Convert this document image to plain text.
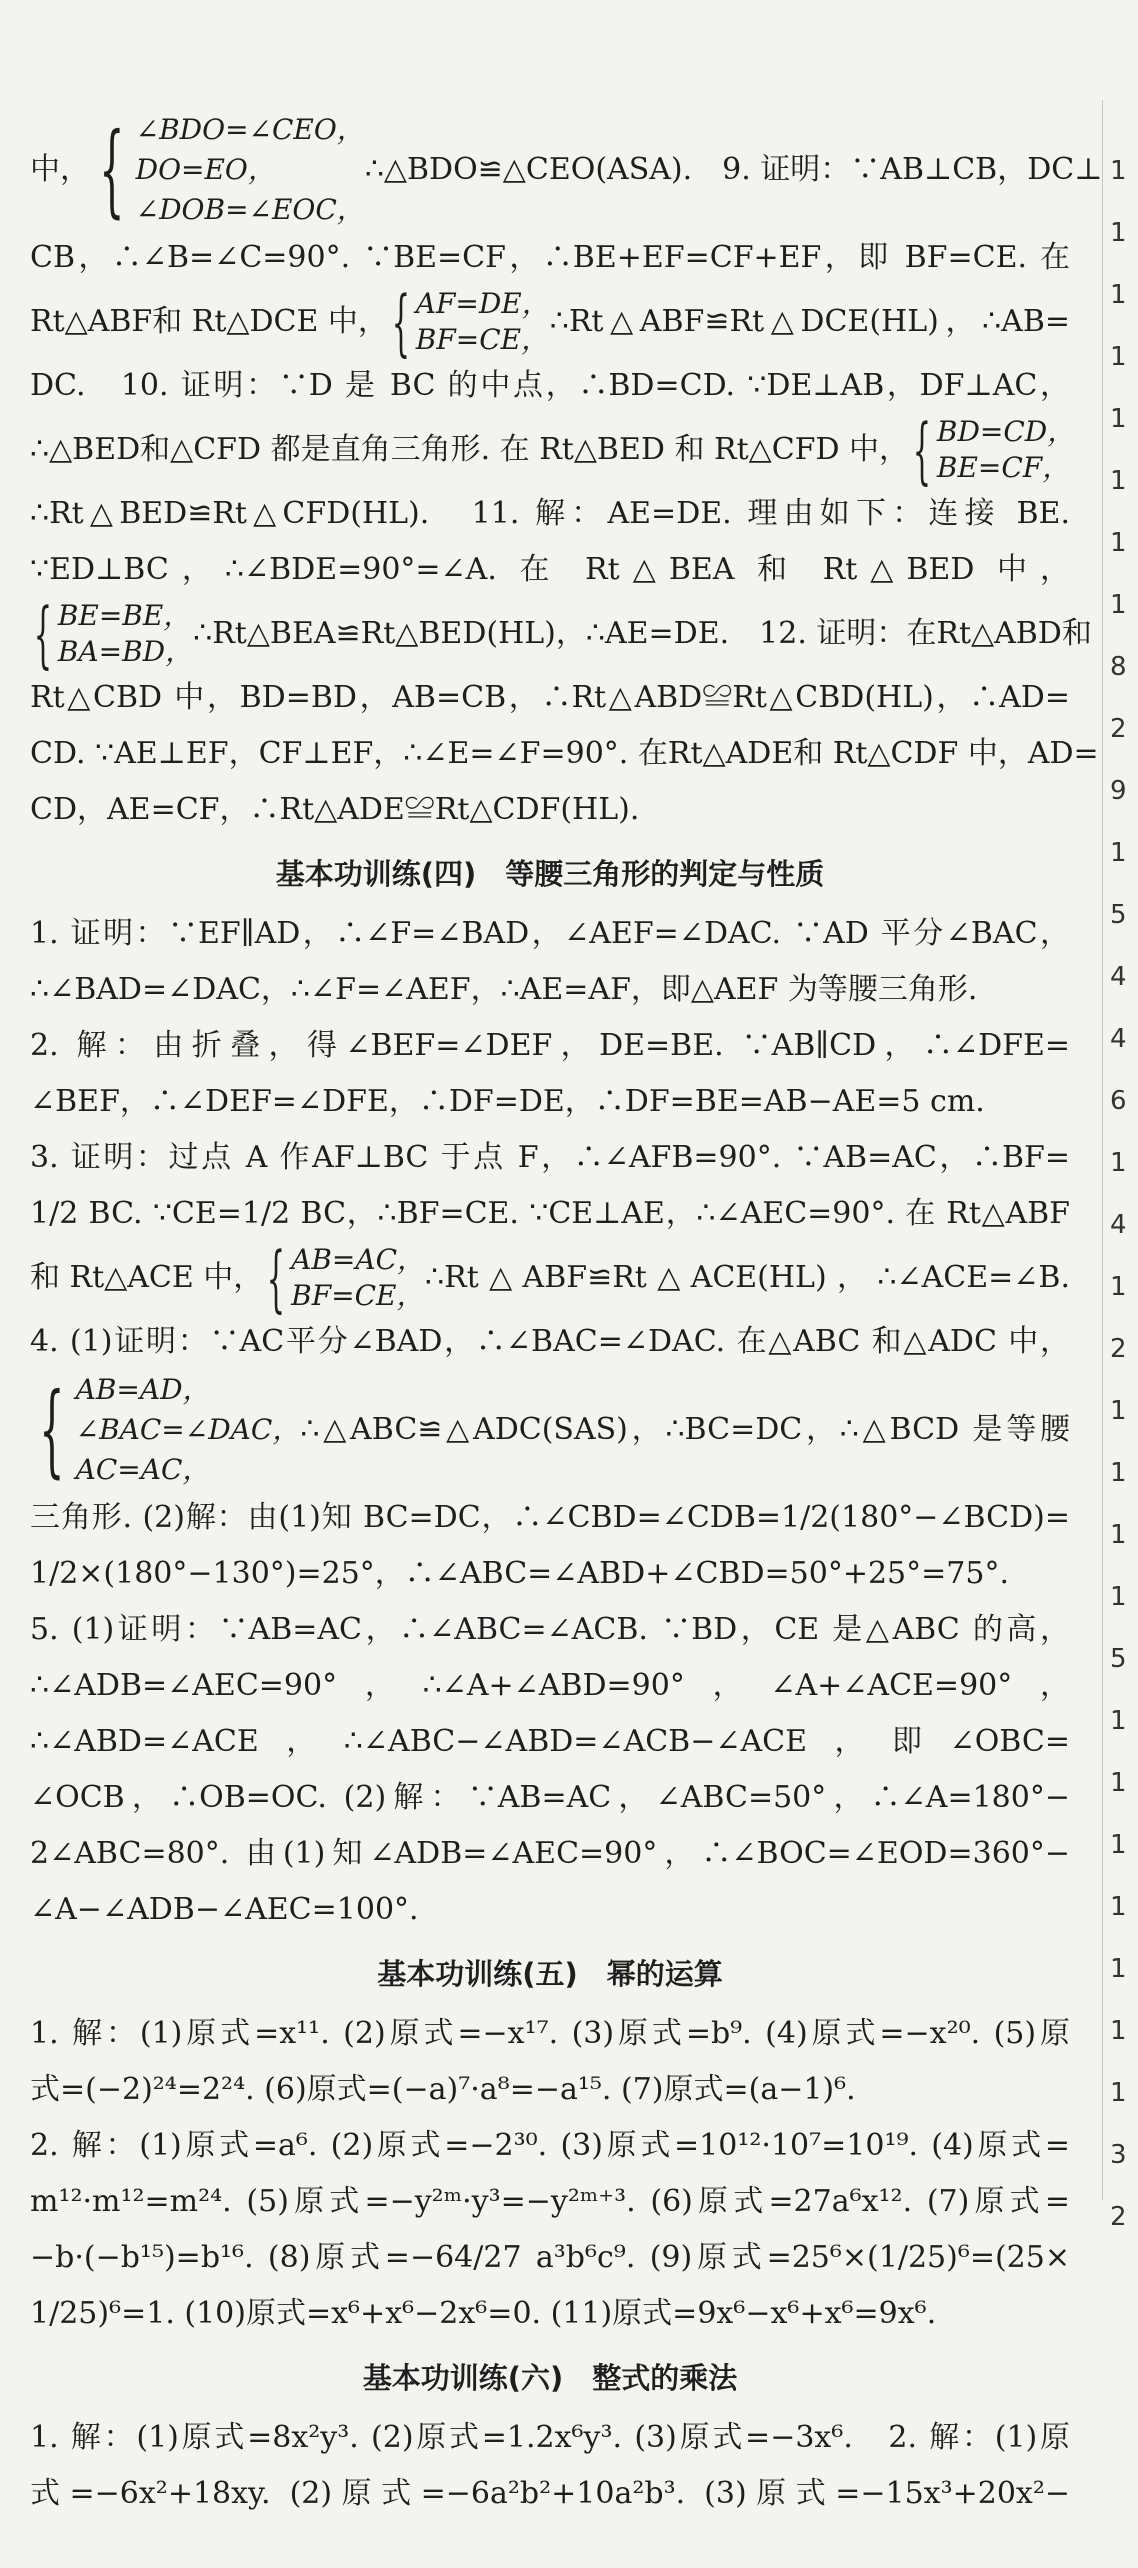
中， { ∠BDO=∠CEO，
DO=EO，
∠DOB=∠EOC，
∴△BDO≌△CEO(ASA).　9. 证明：∵AB⊥CB，DC⊥
CB，∴∠B=∠C=90°. ∵BE=CF，∴BE+EF=CF+EF，即 BF=CE. 在
Rt△ABF和 Rt△DCE 中， { AF=DE，
BF=CE，
∴Rt△ABF≌Rt△DCE(HL)，∴AB=
DC.　10. 证明：∵D 是 BC 的中点，∴BD=CD. ∵DE⊥AB，DF⊥AC，
∴△BED和△CFD 都是直角三角形. 在 Rt△BED 和 Rt△CFD 中， { BD=CD，
BE=CF，
∴Rt△BED≌Rt△CFD(HL).　11. 解：AE=DE. 理由如下：连接 BE.
∵ED⊥BC，∴∠BDE=90°=∠A. 在 Rt△BEA 和 Rt△BED 中，
{ BE=BE，
BA=BD，
∴Rt△BEA≌Rt△BED(HL)，∴AE=DE.　12. 证明：在Rt△ABD和
Rt△CBD 中，BD=BD，AB=CB，∴Rt△ABD≌Rt△CBD(HL)，∴AD=
CD. ∵AE⊥EF，CF⊥EF，∴∠E=∠F=90°. 在Rt△ADE和 Rt△CDF 中，AD=
CD，AE=CF，∴Rt△ADE≌Rt△CDF(HL).
基本功训练(四)　等腰三角形的判定与性质
1. 证明：∵EF∥AD，∴∠F=∠BAD，∠AEF=∠DAC. ∵AD 平分∠BAC，
∴∠BAD=∠DAC，∴∠F=∠AEF，∴AE=AF，即△AEF 为等腰三角形.
2. 解：由折叠，得∠BEF=∠DEF，DE=BE. ∵AB∥CD，∴∠DFE=
∠BEF，∴∠DEF=∠DFE，∴DF=DE，∴DF=BE=AB−AE=5 cm.
3. 证明：过点 A 作AF⊥BC 于点 F，∴∠AFB=90°. ∵AB=AC，∴BF=
1/2 BC. ∵CE=1/2 BC，∴BF=CE. ∵CE⊥AE，∴∠AEC=90°. 在 Rt△ABF
和 Rt△ACE 中， { AB=AC，
BF=CE，
∴Rt△ABF≌Rt△ACE(HL)，∴∠ACE=∠B.
4. (1)证明：∵AC平分∠BAD，∴∠BAC=∠DAC. 在△ABC 和△ADC 中，
{ AB=AD，
∠BAC=∠DAC，
AC=AC，
∴△ABC≌△ADC(SAS)，∴BC=DC，∴△BCD 是等腰
三角形. (2)解：由(1)知 BC=DC，∴∠CBD=∠CDB=1/2(180°−∠BCD)=
1/2×(180°−130°)=25°，∴∠ABC=∠ABD+∠CBD=50°+25°=75°.
5. (1)证明：∵AB=AC，∴∠ABC=∠ACB. ∵BD，CE 是△ABC 的高，
∴∠ADB=∠AEC=90°，∴∠A+∠ABD=90°，∠A+∠ACE=90°，
∴∠ABD=∠ACE，∴∠ABC−∠ABD=∠ACB−∠ACE，即∠OBC=
∠OCB，∴OB=OC. (2)解：∵AB=AC，∠ABC=50°，∴∠A=180°−
2∠ABC=80°. 由(1)知∠ADB=∠AEC=90°，∴∠BOC=∠EOD=360°−
∠A−∠ADB−∠AEC=100°.
基本功训练(五)　幂的运算
1. 解：(1)原式=x¹¹. (2)原式=−x¹⁷. (3)原式=b⁹. (4)原式=−x²⁰. (5)原
式=(−2)²⁴=2²⁴. (6)原式=(−a)⁷·a⁸=−a¹⁵. (7)原式=(a−1)⁶.
2. 解：(1)原式=a⁶. (2)原式=−2³⁰. (3)原式=10¹²·10⁷=10¹⁹. (4)原式=
m¹²·m¹²=m²⁴. (5)原式=−y²ᵐ·y³=−y²ᵐ⁺³. (6)原式=27a⁶x¹². (7)原式=
−b·(−b¹⁵)=b¹⁶. (8)原式=−64/27 a³b⁶c⁹. (9)原式=25⁶×(1/25)⁶=(25×
1/25)⁶=1. (10)原式=x⁶+x⁶−2x⁶=0. (11)原式=9x⁶−x⁶+x⁶=9x⁶.
基本功训练(六)　整式的乘法
1. 解：(1)原式=8x²y³. (2)原式=1.2x⁶y³. (3)原式=−3x⁶.　2. 解：(1)原
式=−6x²+18xy. (2)原式=−6a²b²+10a²b³. (3)原式=−15x³+20x²−
1
1
1
1
1
1
1
1
8
2
9
1
5
4
4
6
1
4
1
2
1
1
1
1
5
1
1
1
1
1
1
1
3
2
